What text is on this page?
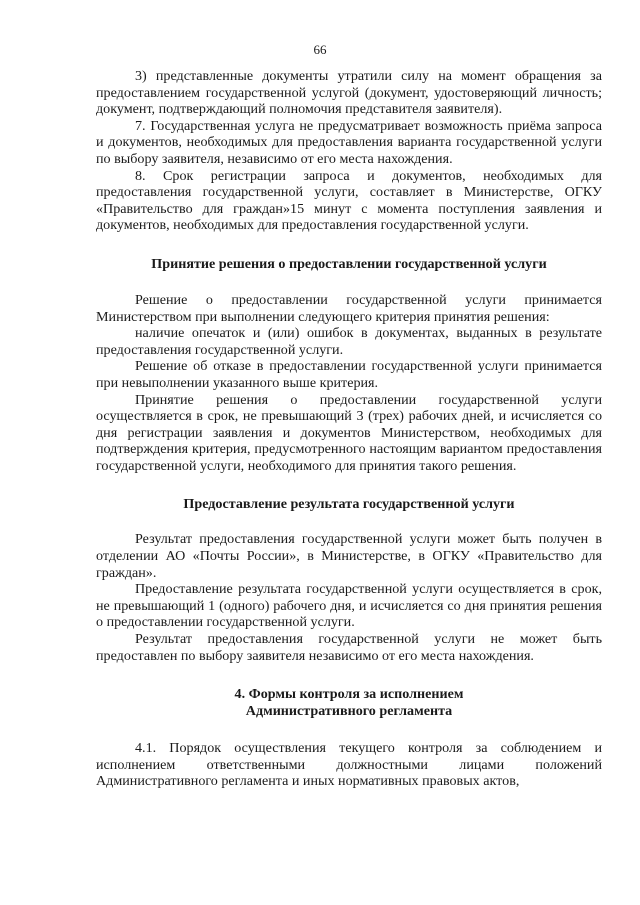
66

3) представленные документы утратили силу на момент обращения за предоставлением государственной услугой (документ, удостоверяющий личность; документ, подтверждающий полномочия представителя заявителя).

7. Государственная услуга не предусматривает возможность приёма запроса и документов, необходимых для предоставления варианта государственной услуги по выбору заявителя, независимо от его места нахождения.

8. Срок регистрации запроса и документов, необходимых для предоставления государственной услуги, составляет в Министерстве, ОГКУ «Правительство для граждан»15 минут с момента поступления заявления и документов, необходимых для предоставления государственной услуги.

Принятие решения о предоставлении государственной услуги

Решение о предоставлении государственной услуги принимается Министерством при выполнении следующего критерия принятия решения:

наличие опечаток и (или) ошибок в документах, выданных в результате предоставления государственной услуги.

Решение об отказе в предоставлении государственной услуги принимается при невыполнении указанного выше критерия.

Принятие решения о предоставлении государственной услуги осуществляется в срок, не превышающий 3 (трех) рабочих дней, и исчисляется со дня регистрации заявления и документов Министерством, необходимых для подтверждения критерия, предусмотренного настоящим вариантом предоставления государственной услуги, необходимого для принятия такого решения.

Предоставление результата государственной услуги

Результат предоставления государственной услуги может быть получен в отделении АО «Почты России», в Министерстве, в ОГКУ «Правительство для граждан».

Предоставление результата государственной услуги осуществляется в срок, не превышающий 1 (одного) рабочего дня, и исчисляется со дня принятия решения о предоставлении государственной услуги.

Результат предоставления государственной услуги не может быть предоставлен по выбору заявителя независимо от его места нахождения.

4. Формы контроля за исполнением
Административного регламента

4.1. Порядок осуществления текущего контроля за соблюдением и исполнением ответственными должностными лицами положений Административного регламента и иных нормативных правовых актов,
